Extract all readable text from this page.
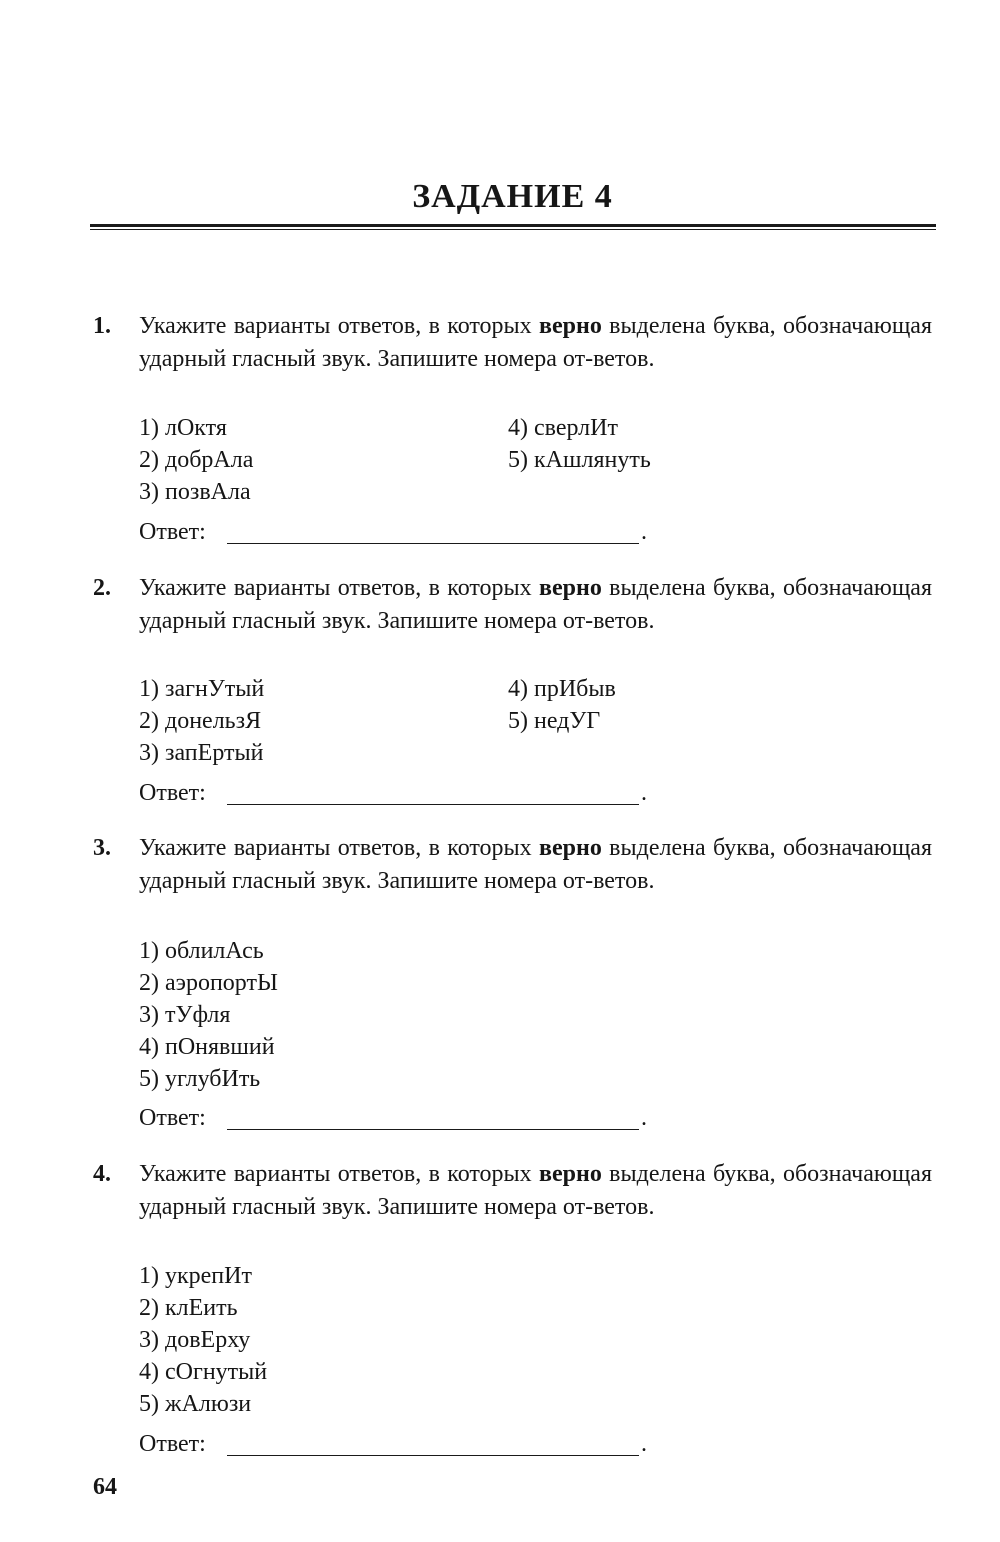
ЗАДАНИЕ 4
1. Укажите варианты ответов, в которых верно выделена буква, обозначающая ударный гласный звук. Запишите номера от-ветов.
1) лОктя
2) добрАла
3) позвАла
4) сверлИт
5) кАшлянуть
Ответ:	.
2. Укажите варианты ответов, в которых верно выделена буква, обозначающая ударный гласный звук. Запишите номера от-ветов.
1) загнУтый
2) донельзЯ
3) запЕртый
4) прИбыв
5) недУГ
Ответ:	.
3. Укажите варианты ответов, в которых верно выделена буква, обозначающая ударный гласный звук. Запишите номера от-ветов.
1) облилАсь
2) аэропортЫ
3) тУфля
4) пОнявший
5) углубИть
Ответ:	.
4. Укажите варианты ответов, в которых верно выделена буква, обозначающая ударный гласный звук. Запишите номера от-ветов.
1) укрепИт
2) клЕить
3) довЕрху
4) сОгнутый
5) жАлюзи
Ответ:	.
64
